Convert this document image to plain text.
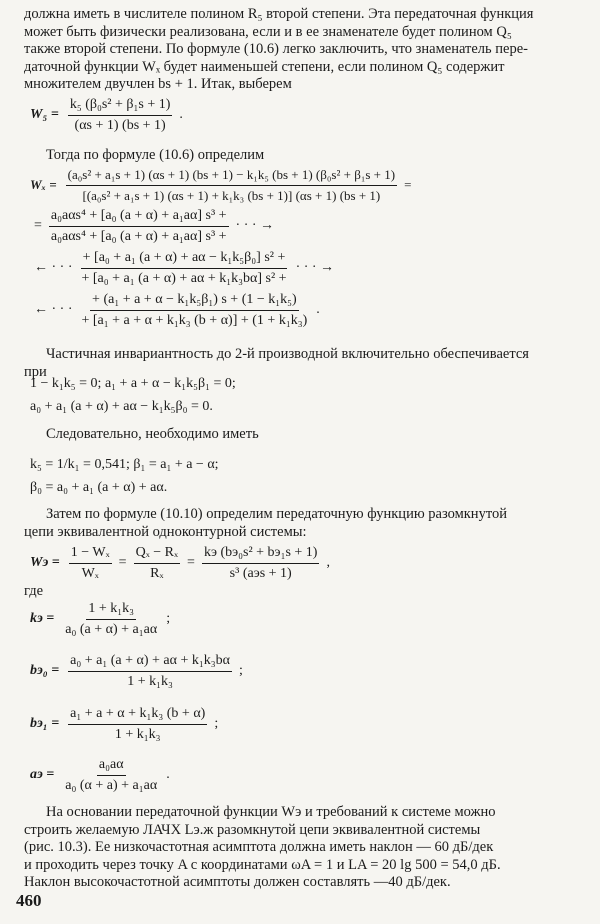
должна иметь в числителе полином R₅ второй степени. Эта передаточная функция
может быть физически реализована, если и в ее знаменателе будет полином Q₅
также второй степени. По формуле (10.6) легко заключить, что знаменатель пере-
даточной функции Wₓ будет наименьшей степени, если полином Q₅ содержит
множителем двучлен bs + 1. Итак, выберем
$W_5 = \frac{\text{k₅ (β₀s² + β₁s + 1)}}{(\alpha s + 1) (bs + 1)}$ .
Тогда по формуле (10.6) определим
Wₓ =
(a₀s² + a₁s + 1) (αs + 1) (bs + 1) − k₁k₅ (bs + 1) (β₀s² + β₁s + 1)
[(a₀s² + a₁s + 1) (αs + 1) + k₁k₃ (bs + 1)] (αs + 1) (bs + 1)
=
= $\frac{\text{a₀aαs⁴ + [a₀ (a + α) + a₁aα] s³ +}}{\text{a₀aαs⁴ + [a₀ (a + α) + a₁aα] s³ +}}$ · · · →
← · · · $\frac{\text{+ [a₀ + a₁ (a + α) + aα − k₁k₅β₀] s² +}}{\text{+ [a₀ + a₁ (a + α) + aα + k₁k₃bα] s² +}}$ · · · →
← · · · $\frac{\text{+ (a₁ + a + α − k₁k₅β₁) s + (1 − k₁k₅)}}{\text{+ [a₁ + a + α + k₁k₃ (b + α)] + (1 + k₁k₃)}}$ .
Частичная инвариантность до 2-й производной включительно обеспечивается
при
1 − k₁k₅ = 0; a₁ + a + α − k₁k₅β₁ = 0;
a₀ + a₁ (a + α) + aα − k₁k₅β₀ = 0.
Следовательно, необходимо иметь
k₅ = 1/k₁ = 0,541; β₁ = a₁ + a − α;
β₀ = a₀ + a₁ (a + α) + aα.
Затем по формуле (10.10) определим передаточную функцию разомкнутой
цепи эквивалентной одноконтурной системы:
Wэ = $\frac{\text{1 − Wₓ}}{\text{Wₓ}} = \frac{\text{Qₓ − Rₓ}}{\text{Rₓ}} = \frac{\text{kэ (bэ₀s² + bэ₁s + 1)}}{\text{s³ (aэs + 1)}}$ ,
где
kэ = $\frac{\text{1 + k₁k₃}}{\text{a₀ (a + α) + a₁aα}}$ ;
$bэ_0 = \frac{\text{a₀ + a₁ (a + α) + aα + k₁k₃bα}}{\text{1 + k₁k₃}}$ ;
$bэ_1 = \frac{\text{a₁ + a + α + k₁k₃ (b + α)}}{\text{1 + k₁k₃}}$ ;
aэ = $\frac{\text{a₀aα}}{\text{a₀ (α + a) + a₁aα}}$ .
На основании передаточной функции Wэ и требований к системе можно
строить желаемую ЛАЧХ Lэ.ж разомкнутой цепи эквивалентной системы
(рис. 10.3). Ее низкочастотная асимптота должна иметь наклон — 60 дБ/дек
и проходить через точку A с координатами ωA = 1 и LA = 20 lg 500 = 54,0 дБ.
Наклон высокочастотной асимптоты должен составлять —40 дБ/дек.
460
